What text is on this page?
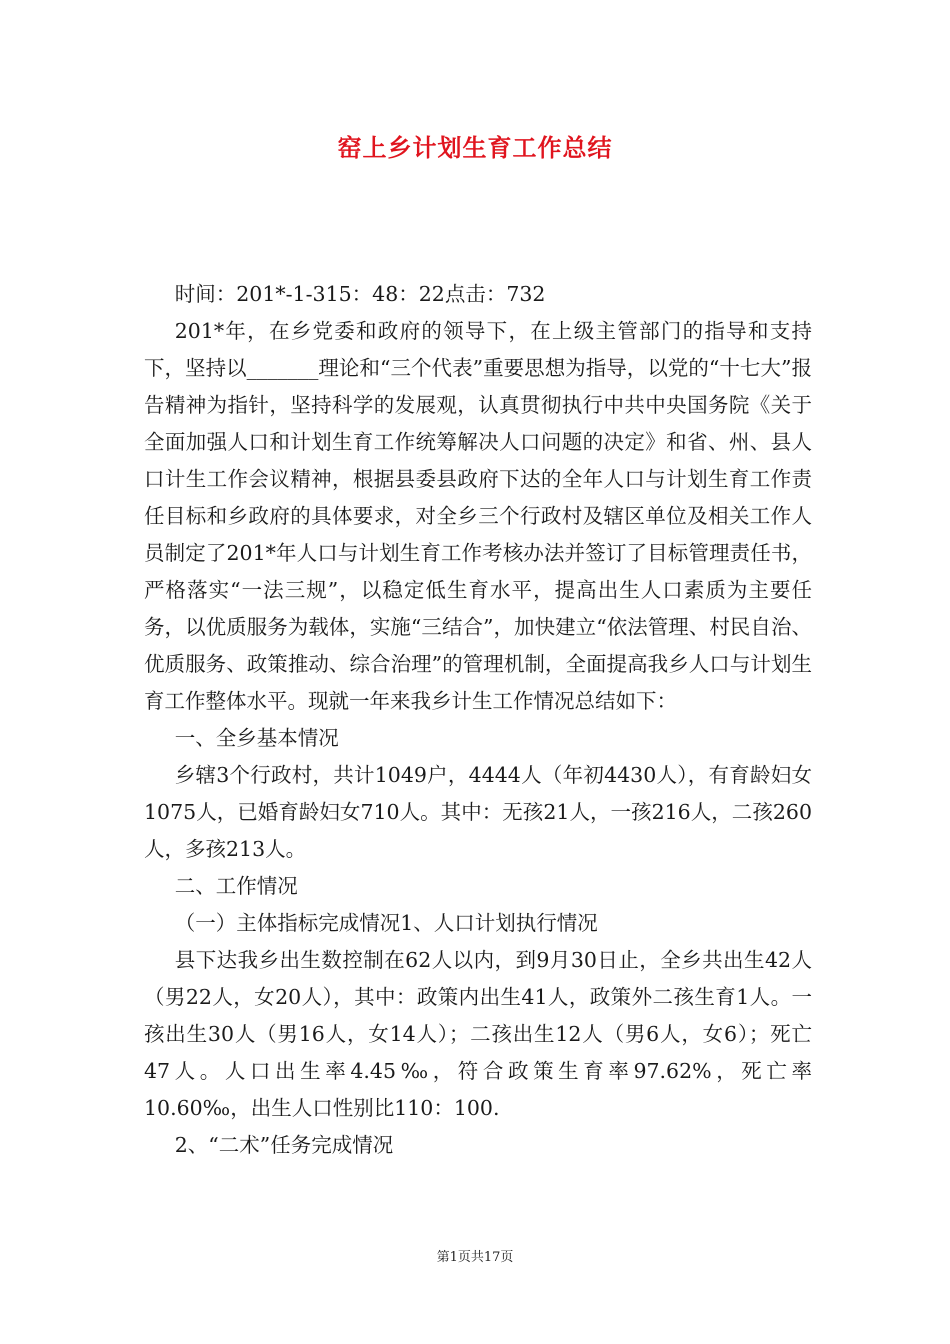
窑上乡计划生育工作总结

时间：201*-1-315：48：22点击：732

201*年，在乡党委和政府的领导下，在上级主管部门的指导和支持下，坚持以_______理论和“三个代表”重要思想为指导，以党的“十七大”报告精神为指针，坚持科学的发展观，认真贯彻执行中共中央国务院《关于全面加强人口和计划生育工作统筹解决人口问题的决定》和省、州、县人口计生工作会议精神，根据县委县政府下达的全年人口与计划生育工作责任目标和乡政府的具体要求，对全乡三个行政村及辖区单位及相关工作人员制定了201*年人口与计划生育工作考核办法并签订了目标管理责任书，严格落实“一法三规”，以稳定低生育水平，提高出生人口素质为主要任务，以优质服务为载体，实施“三结合”，加快建立“依法管理、村民自治、优质服务、政策推动、综合治理”的管理机制，全面提高我乡人口与计划生育工作整体水平。现就一年来我乡计生工作情况总结如下：

一、全乡基本情况

乡辖3个行政村，共计1049户，4444人（年初4430人），有育龄妇女1075人，已婚育龄妇女710人。其中：无孩21人，一孩216人，二孩260人，多孩213人。

二、工作情况

（一）主体指标完成情况1、人口计划执行情况

县下达我乡出生数控制在62人以内，到9月30日止，全乡共出生42人（男22人，女20人），其中：政策内出生41人，政策外二孩生育1人。一孩出生30人（男16人，女14人）；二孩出生12人（男6人，女6）；死亡47人。人口出生率4.45‰，符合政策生育率97.62%，死亡率10.60‰，出生人口性别比110：100.

2、“二术”任务完成情况

第1页共17页
